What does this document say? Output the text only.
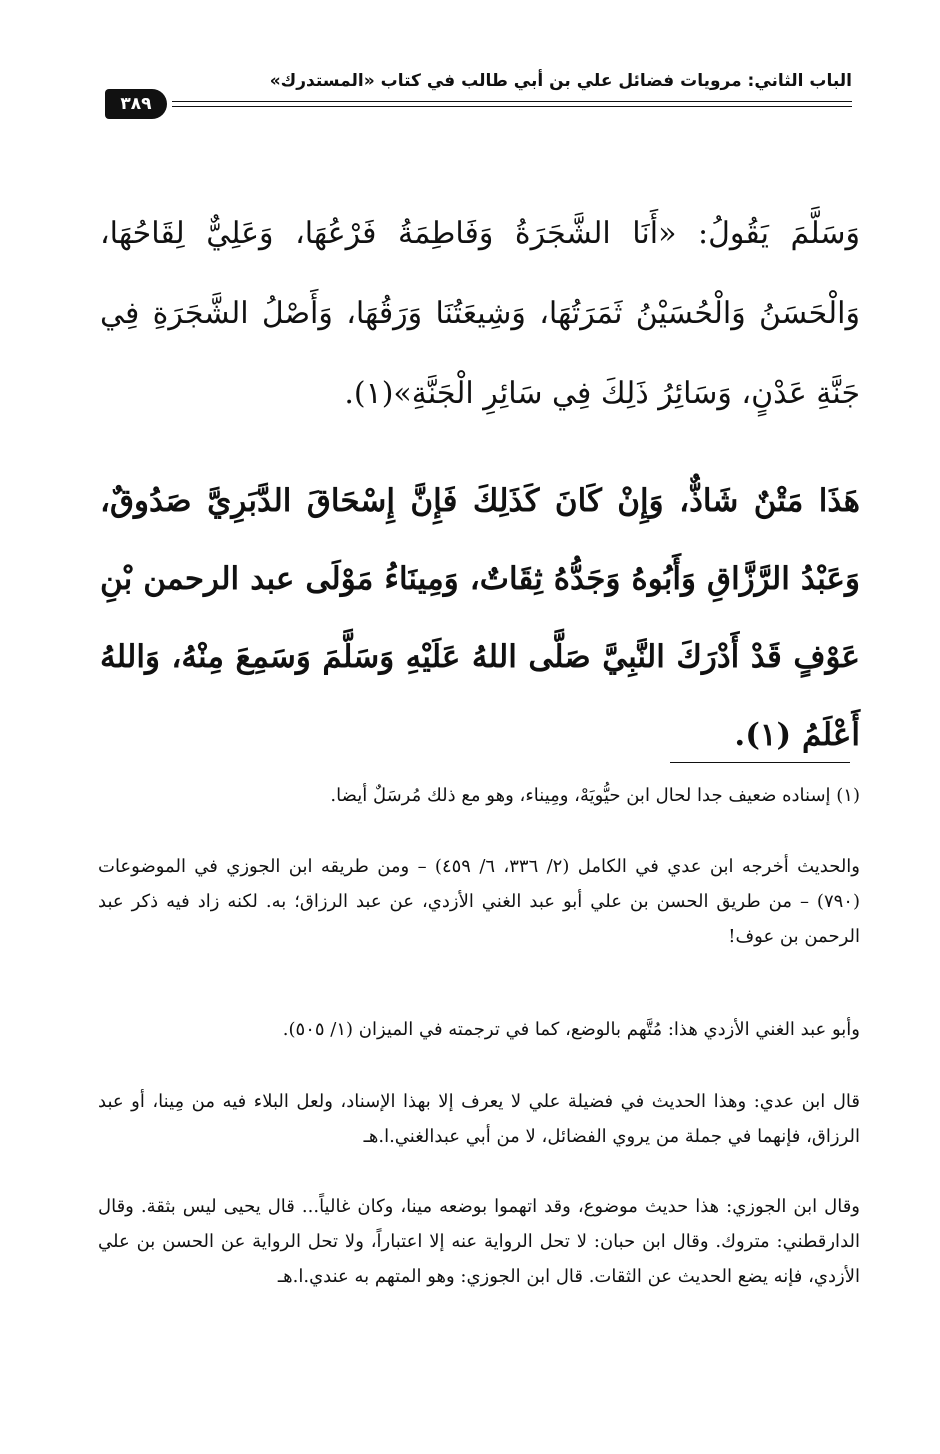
الباب الثاني: مرويات فضائل علي بن أبي طالب في كتاب «المستدرك»
٣٨٩

وَسَلَّمَ يَقُولُ: «أَنَا الشَّجَرَةُ وَفَاطِمَةُ فَرْعُهَا، وَعَلِيٌّ لِقَاحُهَا، وَالْحَسَنُ وَالْحُسَيْنُ ثَمَرَتُهَا، وَشِيعَتُنَا وَرَقُهَا، وَأَصْلُ الشَّجَرَةِ فِي جَنَّةِ عَدْنٍ، وَسَائِرُ ذَلِكَ فِي سَائِرِ الْجَنَّةِ»(١).

هَذَا مَتْنٌ شَاذٌّ، وَإِنْ كَانَ كَذَلِكَ فَإِنَّ إِسْحَاقَ الدَّبَرِيَّ صَدُوقٌ، وَعَبْدُ الرَّزَّاقِ وَأَبُوهُ وَجَدُّهُ ثِقَاتٌ، وَمِينَاءُ مَوْلَى عبد الرحمن بْنِ عَوْفٍ قَدْ أَدْرَكَ النَّبِيَّ صَلَّى اللهُ عَلَيْهِ وَسَلَّمَ وَسَمِعَ مِنْهُ، وَاللهُ أَعْلَمُ (١).

(١) إسناده ضعيف جدا لحال ابن حيُّويَهْ، ومِيناء، وهو مع ذلك مُرسَلٌ أيضا.

والحديث أخرجه ابن عدي في الكامل (٢/ ٣٣٦، ٦/ ٤٥٩) – ومن طريقه ابن الجوزي في الموضوعات (٧٩٠) – من طريق الحسن بن علي أبو عبد الغني الأزدي، عن عبد الرزاق؛ به. لكنه زاد فيه ذكر عبد الرحمن بن عوف!

وأبو عبد الغني الأزدي هذا: مُتَّهم بالوضع، كما في ترجمته في الميزان (١/ ٥٠٥).

قال ابن عدي: وهذا الحديث في فضيلة علي لا يعرف إلا بهذا الإسناد، ولعل البلاء فيه من مِينا، أو عبد الرزاق، فإنهما في جملة من يروي الفضائل، لا من أبي عبدالغني.ا.هـ

وقال ابن الجوزي: هذا حديث موضوع، وقد اتهموا بوضعه مينا، وكان غالياً... قال يحيى ليس بثقة. وقال الدارقطني: متروك. وقال ابن حبان: لا تحل الرواية عنه إلا اعتباراً، ولا تحل الرواية عن الحسن بن علي الأزدي، فإنه يضع الحديث عن الثقات. قال ابن الجوزي: وهو المتهم به عندي.ا.هـ
